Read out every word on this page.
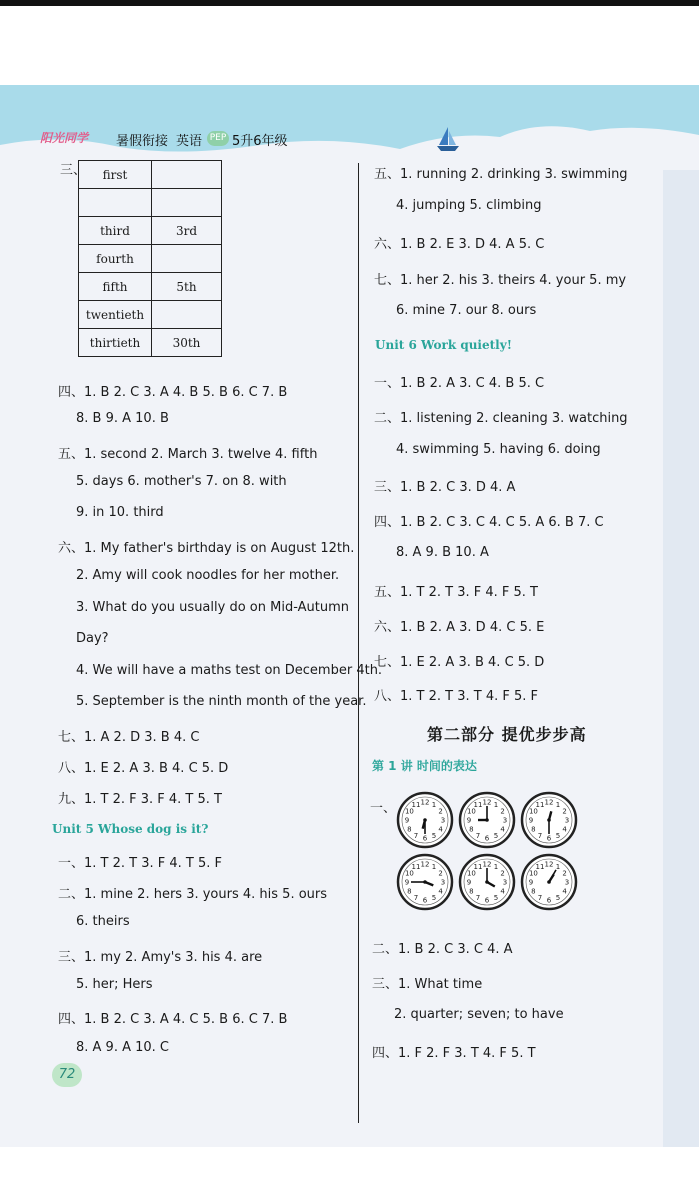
阳光同学 暑假衔接 英语 PEP 5升6年级
三、 first	

third	3rd
fourth	
fifth	5th
twentieth	
thirtieth	30th
四、1. B 2. C 3. A 4. B 5. B 6. C 7. B
8. B 9. A 10. B
五、1. second 2. March 3. twelve 4. fifth
5. days 6. mother's 7. on 8. with
9. in 10. third
六、1. My father's birthday is on August 12th.
2. Amy will cook noodles for her mother.
3. What do you usually do on Mid-Autumn
Day?
4. We will have a maths test on December 4th.
5. September is the ninth month of the year.
七、1. A 2. D 3. B 4. C
八、1. E 2. A 3. B 4. C 5. D
九、1. T 2. F 3. F 4. T 5. T
Unit 5 Whose dog is it?
一、1. T 2. T 3. F 4. T 5. F
二、1. mine 2. hers 3. yours 4. his 5. ours
6. theirs
三、1. my 2. Amy's 3. his 4. are
5. her; Hers
四、1. B 2. C 3. A 4. C 5. B 6. C 7. B
8. A 9. A 10. C
72
五、1. running 2. drinking 3. swimming
4. jumping 5. climbing
六、1. B 2. E 3. D 4. A 5. C
七、1. her 2. his 3. theirs 4. your 5. my
6. mine 7. our 8. ours
Unit 6 Work quietly!
一、1. B 2. A 3. C 4. B 5. C
二、1. listening 2. cleaning 3. watching
4. swimming 5. having 6. doing
三、1. B 2. C 3. D 4. A
四、1. B 2. C 3. C 4. C 5. A 6. B 7. C
8. A 9. B 10. A
五、1. T 2. T 3. F 4. F 5. T
六、1. B 2. A 3. D 4. C 5. E
七、1. E 2. A 3. B 4. C 5. D
八、1. T 2. T 3. T 4. F 5. F
第二部分 提优步步高
第 1 讲 时间的表达
一、	1
2
3
4
5
6
7
8
9
10
11 12	1
2
3
4
5
6
7
8
9
10
11 12	1
2
3
4
5
6
7
8
9
10
11 12
1
2
3
4
5
6
7
8
9
10
11 12	1
2
3
4
5
6
7
8
9
10
11 12	1
2
3
4
5
6
7
8
9
10
11 12
二、1. B 2. C 3. C 4. A
三、1. What time
2. quarter; seven; to have
四、1. F 2. F 3. T 4. F 5. T
